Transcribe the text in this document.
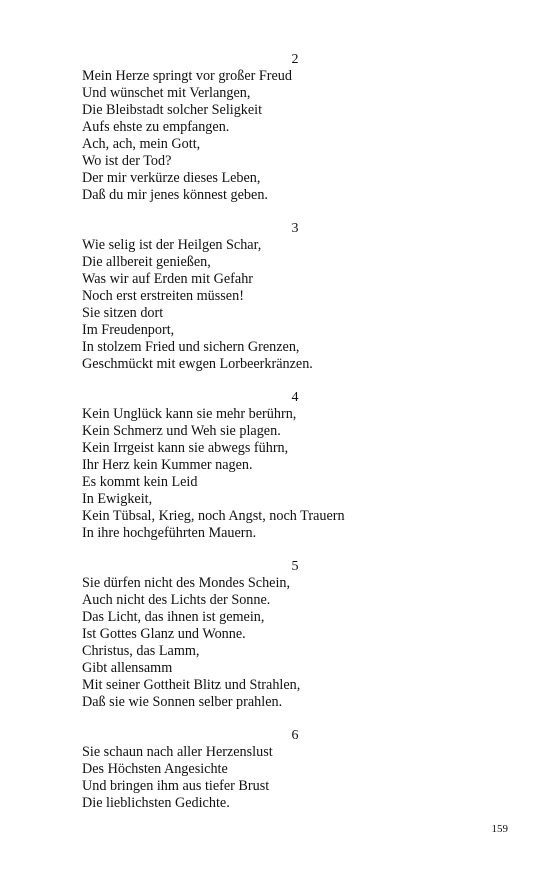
2
Mein Herze springt vor großer Freud
Und wünschet mit Verlangen,
Die Bleibstadt solcher Seligkeit
Aufs ehste zu empfangen.
Ach, ach, mein Gott,
Wo ist der Tod?
Der mir verkürze dieses Leben,
Daß du mir jenes könnest geben.
3
Wie selig ist der Heilgen Schar,
Die allbereit genießen,
Was wir auf Erden mit Gefahr
Noch erst erstreiten müssen!
Sie sitzen dort
Im Freudenport,
In stolzem Fried und sichern Grenzen,
Geschmückt mit ewgen Lorbeerkränzen.
4
Kein Unglück kann sie mehr berührn,
Kein Schmerz und Weh sie plagen.
Kein Irrgeist kann sie abwegs führn,
Ihr Herz kein Kummer nagen.
Es kommt kein Leid
In Ewigkeit,
Kein Tübsal, Krieg, noch Angst, noch Trauern
In ihre hochgeführten Mauern.
5
Sie dürfen nicht des Mondes Schein,
Auch nicht des Lichts der Sonne.
Das Licht, das ihnen ist gemein,
Ist Gottes Glanz und Wonne.
Christus, das Lamm,
Gibt allensamm
Mit seiner Gottheit Blitz und Strahlen,
Daß sie wie Sonnen selber prahlen.
6
Sie schaun nach aller Herzenslust
Des Höchsten Angesichte
Und bringen ihm aus tiefer Brust
Die lieblichsten Gedichte.
159
